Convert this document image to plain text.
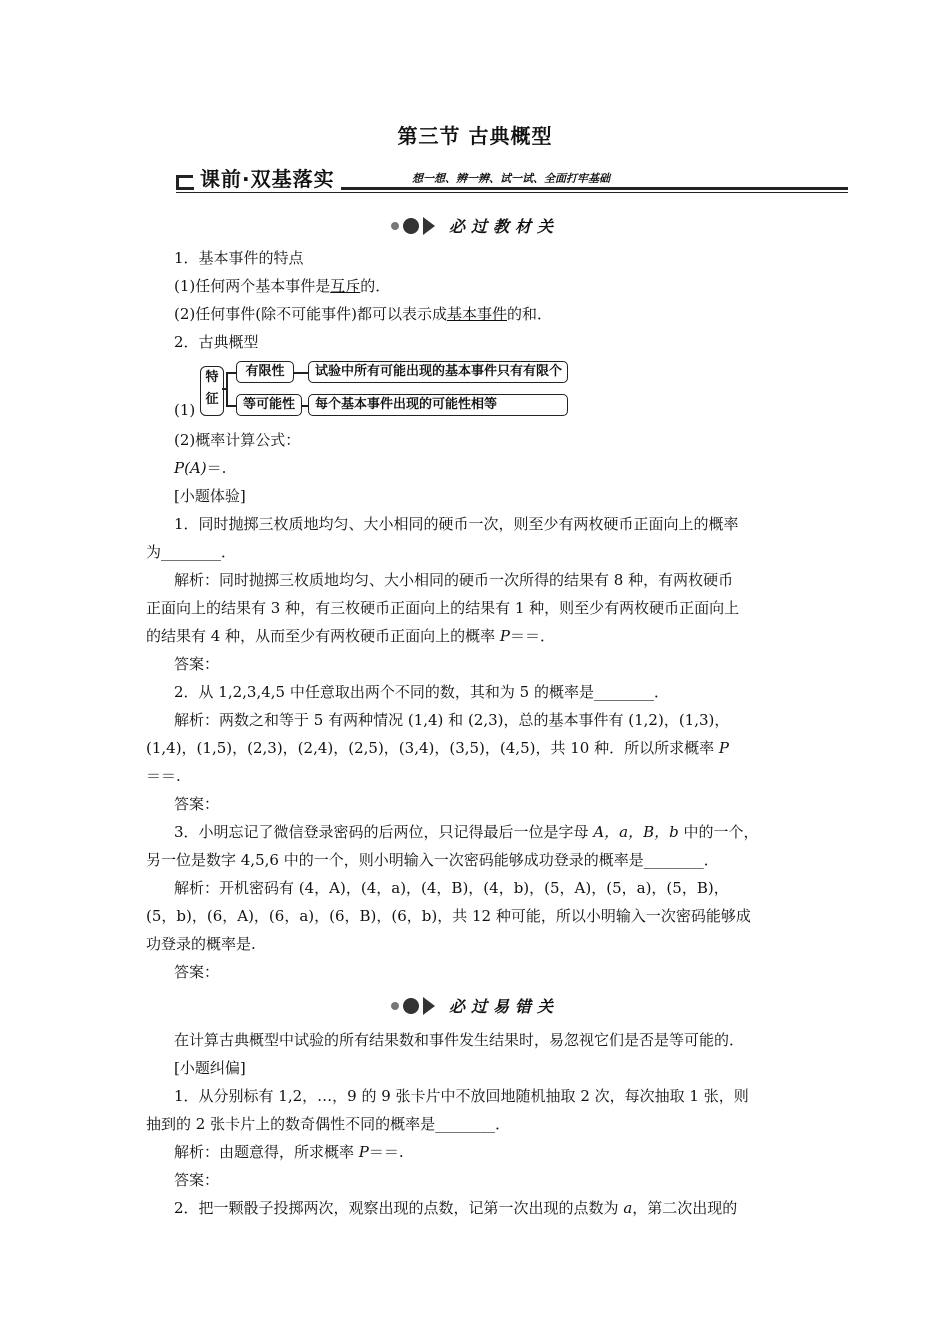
第三节 古典概型
课前·双基落实	想一想、辨一辨、试一试、全面打牢基础
必过教材关
1．基本事件的特点
(1)任何两个基本事件是互斥的．
(2)任何事件(除不可能事件)都可以表示成基本事件的和．
2．古典概型
(1)
特征
有限性	试验中所有可能出现的基本事件只有有限个
等可能性	每个基本事件出现的可能性相等
(2)概率计算公式：
P(A)＝.
[小题体验]
1．同时抛掷三枚质地均匀、大小相同的硬币一次，则至少有两枚硬币正面向上的概率
为________．
解析：同时抛掷三枚质地均匀、大小相同的硬币一次所得的结果有 8 种，有两枚硬币
正面向上的结果有 3 种，有三枚硬币正面向上的结果有 1 种，则至少有两枚硬币正面向上
的结果有 4 种，从而至少有两枚硬币正面向上的概率 P＝＝．
答案：
2．从 1,2,3,4,5 中任意取出两个不同的数，其和为 5 的概率是________．
解析：两数之和等于 5 有两种情况 (1,4) 和 (2,3)，总的基本事件有 (1,2)，(1,3)，
(1,4)，(1,5)，(2,3)，(2,4)，(2,5)，(3,4)，(3,5)，(4,5)，共 10 种．所以所求概率 P
＝＝.
答案：
3．小明忘记了微信登录密码的后两位，只记得最后一位是字母 A，a，B，b 中的一个，
另一位是数字 4,5,6 中的一个，则小明输入一次密码能够成功登录的概率是________．
解析：开机密码有 (4，A)，(4，a)，(4，B)，(4，b)，(5，A)，(5，a)，(5，B)，
(5，b)，(6，A)，(6，a)，(6，B)，(6，b)，共 12 种可能，所以小明输入一次密码能够成
功登录的概率是.
答案：
必过易错关
在计算古典概型中试验的所有结果数和事件发生结果时，易忽视它们是否是等可能的．
[小题纠偏]
1．从分别标有 1,2，…，9 的 9 张卡片中不放回地随机抽取 2 次，每次抽取 1 张，则
抽到的 2 张卡片上的数奇偶性不同的概率是________．
解析：由题意得，所求概率 P＝＝.
答案：
2．把一颗骰子投掷两次，观察出现的点数，记第一次出现的点数为 a，第二次出现的
